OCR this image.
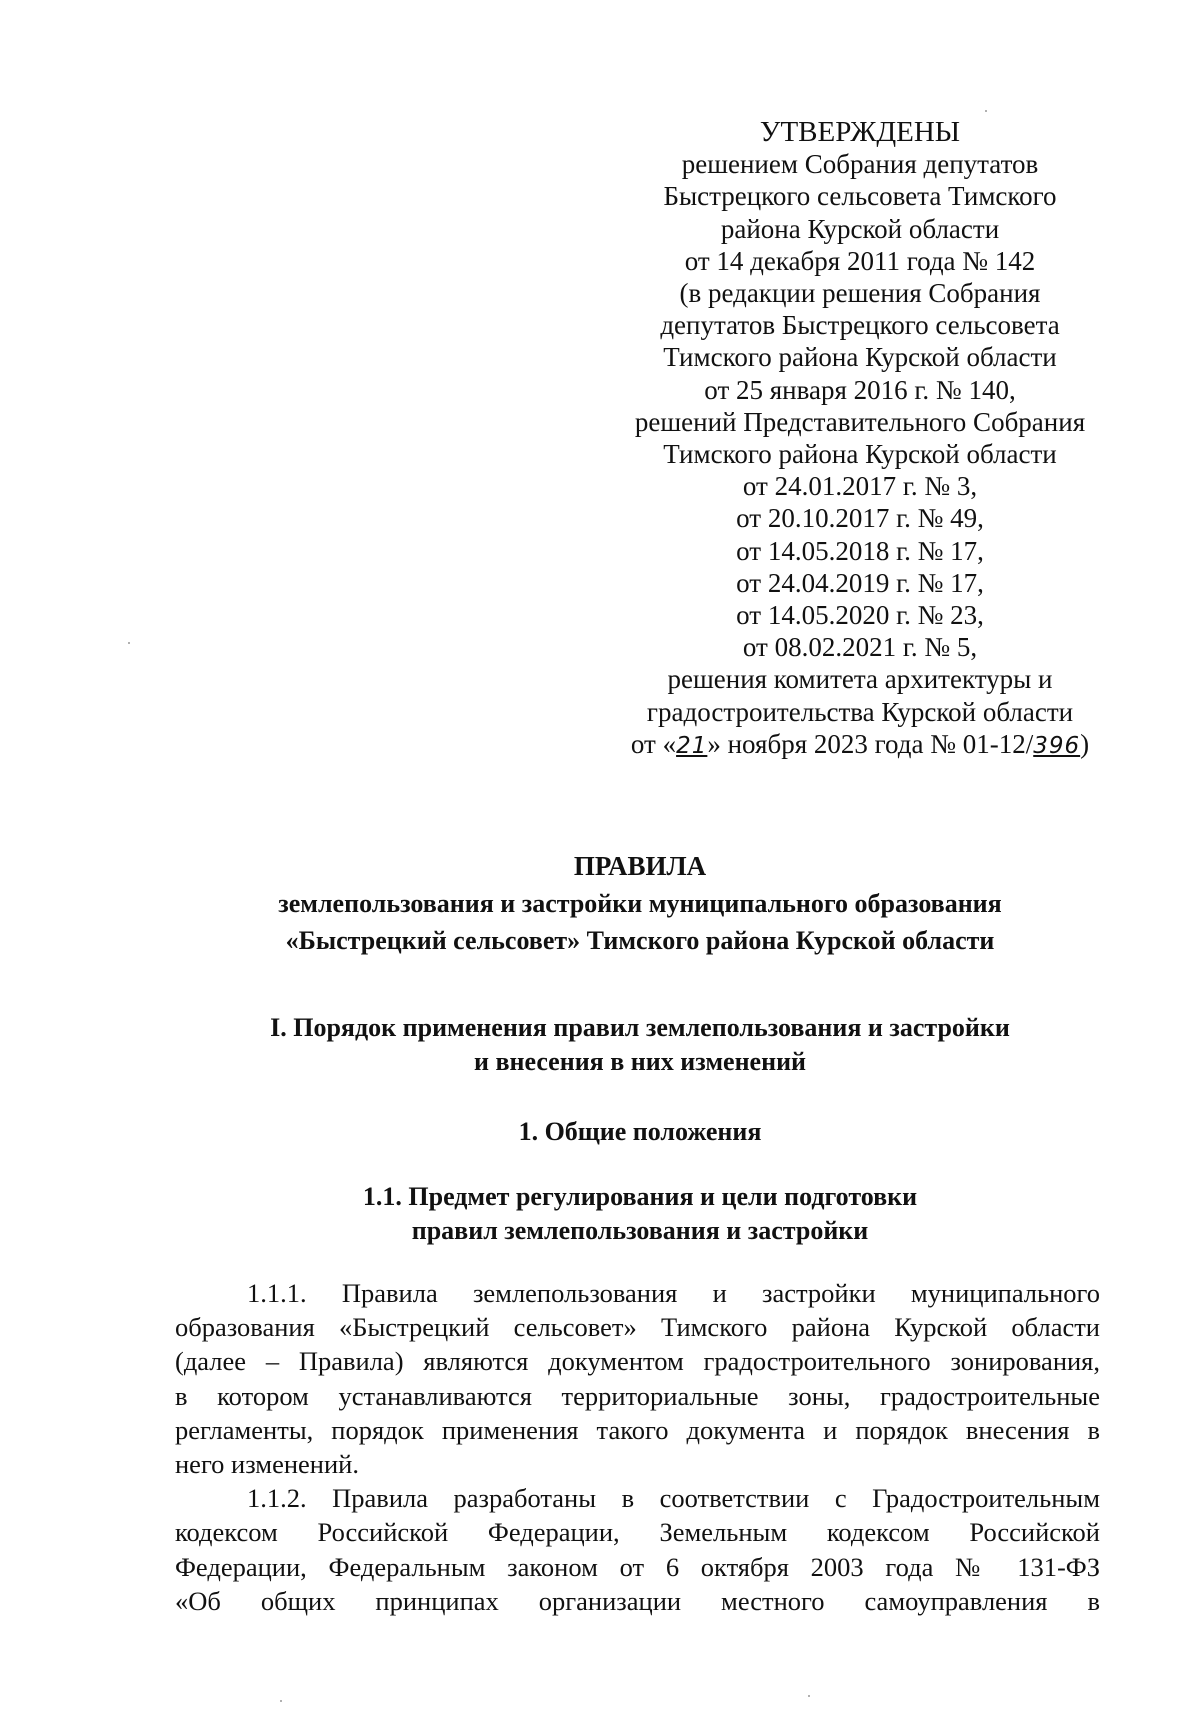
УТВЕРЖДЕНЫ
решением Собрания депутатов
Быстрецкого сельсовета Тимского
района Курской области
от 14 декабря 2011 года № 142
(в редакции решения Собрания
депутатов Быстрецкого сельсовета
Тимского района Курской области
от 25 января 2016 г. № 140,
решений Представительного Собрания
Тимского района Курской области
от 24.01.2017 г. № 3,
от 20.10.2017 г. № 49,
от 14.05.2018 г. № 17,
от 24.04.2019 г. № 17,
от 14.05.2020 г. № 23,
от 08.02.2021 г. № 5,
решения комитета архитектуры и
градостроительства Курской области
от «21» ноября 2023 года № 01-12/396)
ПРАВИЛА
землепользования и застройки муниципального образования
«Быстрецкий сельсовет» Тимского района Курской области
I. Порядок применения правил землепользования и застройки
и внесения в них изменений
1. Общие положения
1.1. Предмет регулирования и цели подготовки
правил землепользования и застройки
1.1.1. Правила землепользования и застройки муниципального
образования «Быстрецкий сельсовет» Тимского района Курской области
(далее – Правила) являются документом градостроительного зонирования,
в котором устанавливаются территориальные зоны, градостроительные
регламенты, порядок применения такого документа и порядок внесения в
него изменений.
1.1.2. Правила разработаны в соответствии с Градостроительным
кодексом Российской Федерации, Земельным кодексом Российской
Федерации, Федеральным законом от 6 октября 2003 года № 131-ФЗ
«Об общих принципах организации местного самоуправления в
